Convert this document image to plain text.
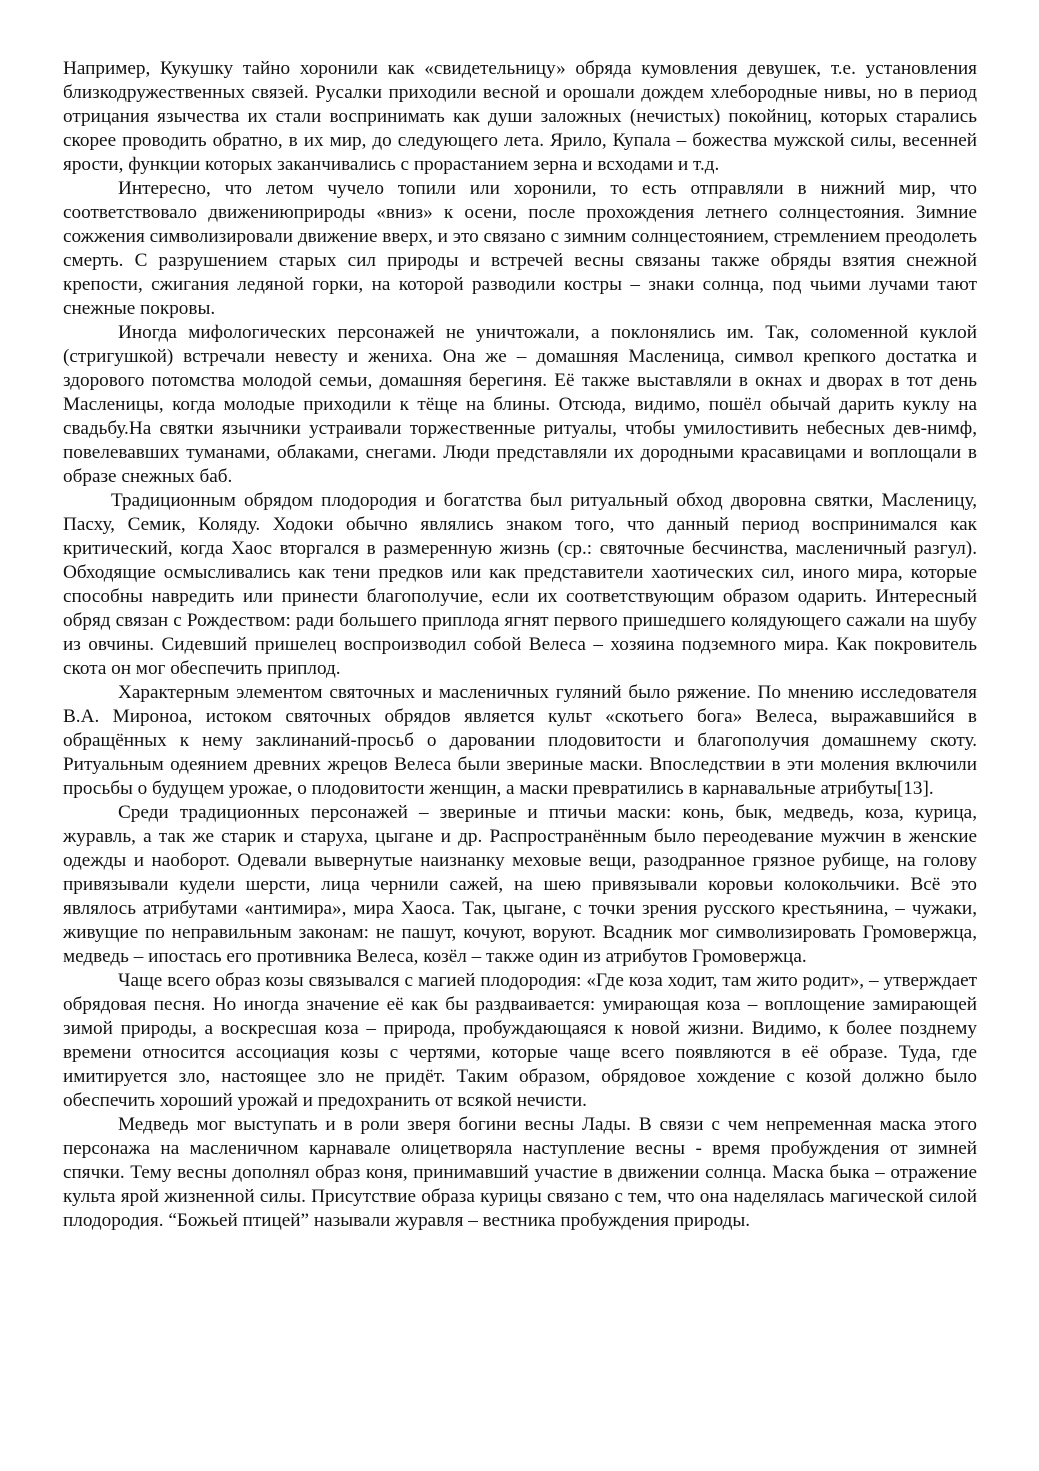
Например, Кукушку тайно хоронили как «свидетельницу» обряда кумовления девушек, т.е. установления близкодружественных связей. Русалки приходили весной и орошали дождем хлебородные нивы, но в период отрицания язычества их стали воспринимать как души заложных (нечистых) покойниц, которых старались скорее проводить обратно, в их мир, до следующего лета. Ярило, Купала – божества мужской силы, весенней ярости, функции которых заканчивались с прорастанием зерна и всходами и т.д.

Интересно, что летом чучело топили или хоронили, то есть отправляли в нижний мир, что соответствовало движениюприроды «вниз» к осени, после прохождения летнего солнцестояния. Зимние сожжения символизировали движение вверх, и это связано с зимним солнцестоянием, стремлением преодолеть смерть. С разрушением старых сил природы и встречей весны связаны также обряды взятия снежной крепости, сжигания ледяной горки, на которой разводили костры – знаки солнца, под чьими лучами тают снежные покровы.

Иногда мифологических персонажей не уничтожали, а поклонялись им. Так, соломенной куклой (стригушкой) встречали невесту и жениха. Она же – домашняя Масленица, символ крепкого достатка и здорового потомства молодой семьи, домашняя берегиня. Её также выставляли в окнах и дворах в тот день Масленицы, когда молодые приходили к тёще на блины. Отсюда, видимо, пошёл обычай дарить куклу на свадьбу.На святки язычники устраивали торжественные ритуалы, чтобы умилостивить небесных дев-нимф, повелевавших туманами, облаками, снегами. Люди представляли их дородными красавицами и воплощали в образе снежных баб.

Традиционным обрядом плодородия и богатства был ритуальный обход дворовна святки, Масленицу, Пасху, Семик, Коляду. Ходоки обычно являлись знаком того, что данный период воспринимался как критический, когда Хаос вторгался в размеренную жизнь (ср.: святочные бесчинства, масленичный разгул). Обходящие осмысливались как тени предков или как представители хаотических сил, иного мира, которые способны навредить или принести благополучие, если их соответствующим образом одарить. Интересный обряд связан с Рождеством: ради большего приплода ягнят первого пришедшего колядующего сажали на шубу из овчины. Сидевший пришелец воспроизводил собой Велеса – хозяина подземного мира. Как покровитель скота он мог обеспечить приплод.

Характерным элементом святочных и масленичных гуляний было ряжение. По мнению исследователя В.А. Мироноа, истоком святочных обрядов является культ «скотьего бога» Велеса, выражавшийся в обращённых к нему заклинаний-просьб о даровании плодовитости и благополучия домашнему скоту. Ритуальным одеянием древних жрецов Велеса были звериные маски. Впоследствии в эти моления включили просьбы о будущем урожае, о плодовитости женщин, а маски превратились в карнавальные атрибуты[13].

Среди традиционных персонажей – звериные и птичьи маски: конь, бык, медведь, коза, курица, журавль, а так же старик и старуха, цыгане и др. Распространённым было переодевание мужчин в женские одежды и наоборот. Одевали вывернутые наизнанку меховые вещи, разодранное грязное рубище, на голову привязывали кудели шерсти, лица чернили сажей, на шею привязывали коровьи колокольчики. Всё это являлось атрибутами «антимира», мира Хаоса. Так, цыгане, с точки зрения русского крестьянина, – чужаки, живущие по неправильным законам: не пашут, кочуют, воруют. Всадник мог символизировать Громовержца, медведь – ипостась его противника Велеса, козёл – также один из атрибутов Громовержца.

Чаще всего образ козы связывался с магией плодородия: «Где коза ходит, там жито родит», – утверждает обрядовая песня. Но иногда значение её как бы раздваивается: умирающая коза – воплощение замирающей зимой природы, а воскресшая коза – природа, пробуждающаяся к новой жизни. Видимо, к более позднему времени относится ассоциация козы с чертями, которые чаще всего появляются в её образе. Туда, где имитируется зло, настоящее зло не придёт. Таким образом, обрядовое хождение с козой должно было обеспечить хороший урожай и предохранить от всякой нечисти.

Медведь мог выступать и в роли зверя богини весны Лады. В связи с чем непременная маска этого персонажа на масленичном карнавале олицетворяла наступление весны - время пробуждения от зимней спячки. Тему весны дополнял образ коня, принимавший участие в движении солнца. Маска быка – отражение культа ярой жизненной силы. Присутствие образа курицы связано с тем, что она наделялась магической силой плодородия. “Божьей птицей” называли журавля – вестника пробуждения природы.
